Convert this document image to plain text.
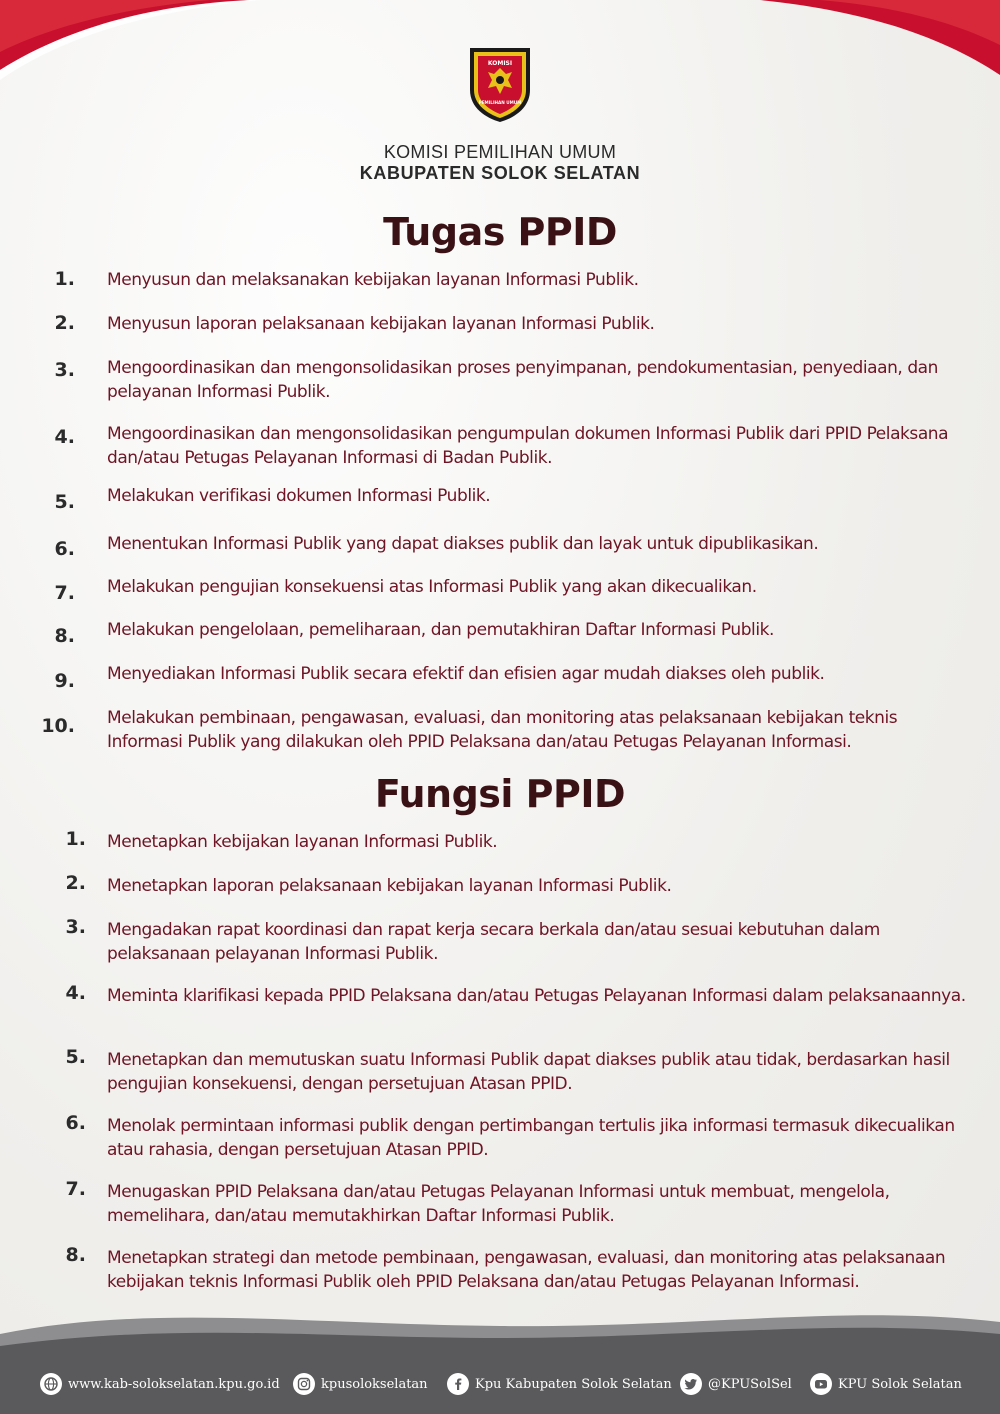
KOMISI
PEMILIHAN UMUM
KOMISI PEMILIHAN UMUM
KABUPATEN SOLOK SELATAN
Tugas PPID
1. Menyusun dan melaksanakan kebijakan layanan Informasi Publik.
2. Menyusun laporan pelaksanaan kebijakan layanan Informasi Publik.
3. Mengoordinasikan dan mengonsolidasikan proses penyimpanan, pendokumentasian, penyediaan, dan pelayanan Informasi Publik.
4. Mengoordinasikan dan mengonsolidasikan pengumpulan dokumen Informasi Publik dari PPID Pelaksana dan/atau Petugas Pelayanan Informasi di Badan Publik.
5. Melakukan verifikasi dokumen Informasi Publik.
6. Menentukan Informasi Publik yang dapat diakses publik dan layak untuk dipublikasikan.
7. Melakukan pengujian konsekuensi atas Informasi Publik yang akan dikecualikan.
8. Melakukan pengelolaan, pemeliharaan, dan pemutakhiran Daftar Informasi Publik.
9. Menyediakan Informasi Publik secara efektif dan efisien agar mudah diakses oleh publik.
10. Melakukan pembinaan, pengawasan, evaluasi, dan monitoring atas pelaksanaan kebijakan teknis Informasi Publik yang dilakukan oleh PPID Pelaksana dan/atau Petugas Pelayanan Informasi.
Fungsi PPID
1. Menetapkan kebijakan layanan Informasi Publik.
2. Menetapkan laporan pelaksanaan kebijakan layanan Informasi Publik.
3. Mengadakan rapat koordinasi dan rapat kerja secara berkala dan/atau sesuai kebutuhan dalam pelaksanaan pelayanan Informasi Publik.
4. Meminta klarifikasi kepada PPID Pelaksana dan/atau Petugas Pelayanan Informasi dalam pelaksanaannya.
5. Menetapkan dan memutuskan suatu Informasi Publik dapat diakses publik atau tidak, berdasarkan hasil pengujian konsekuensi, dengan persetujuan Atasan PPID.
6. Menolak permintaan informasi publik dengan pertimbangan tertulis jika informasi termasuk dikecualikan atau rahasia, dengan persetujuan Atasan PPID.
7. Menugaskan PPID Pelaksana dan/atau Petugas Pelayanan Informasi untuk membuat, mengelola, memelihara, dan/atau memutakhirkan Daftar Informasi Publik.
8. Menetapkan strategi dan metode pembinaan, pengawasan, evaluasi, dan monitoring atas pelaksanaan kebijakan teknis Informasi Publik oleh PPID Pelaksana dan/atau Petugas Pelayanan Informasi.
www.kab-solokselatan.kpu.go.id	kpusolokselatan	Kpu Kabupaten Solok Selatan	@KPUSolSel	KPU Solok Selatan
